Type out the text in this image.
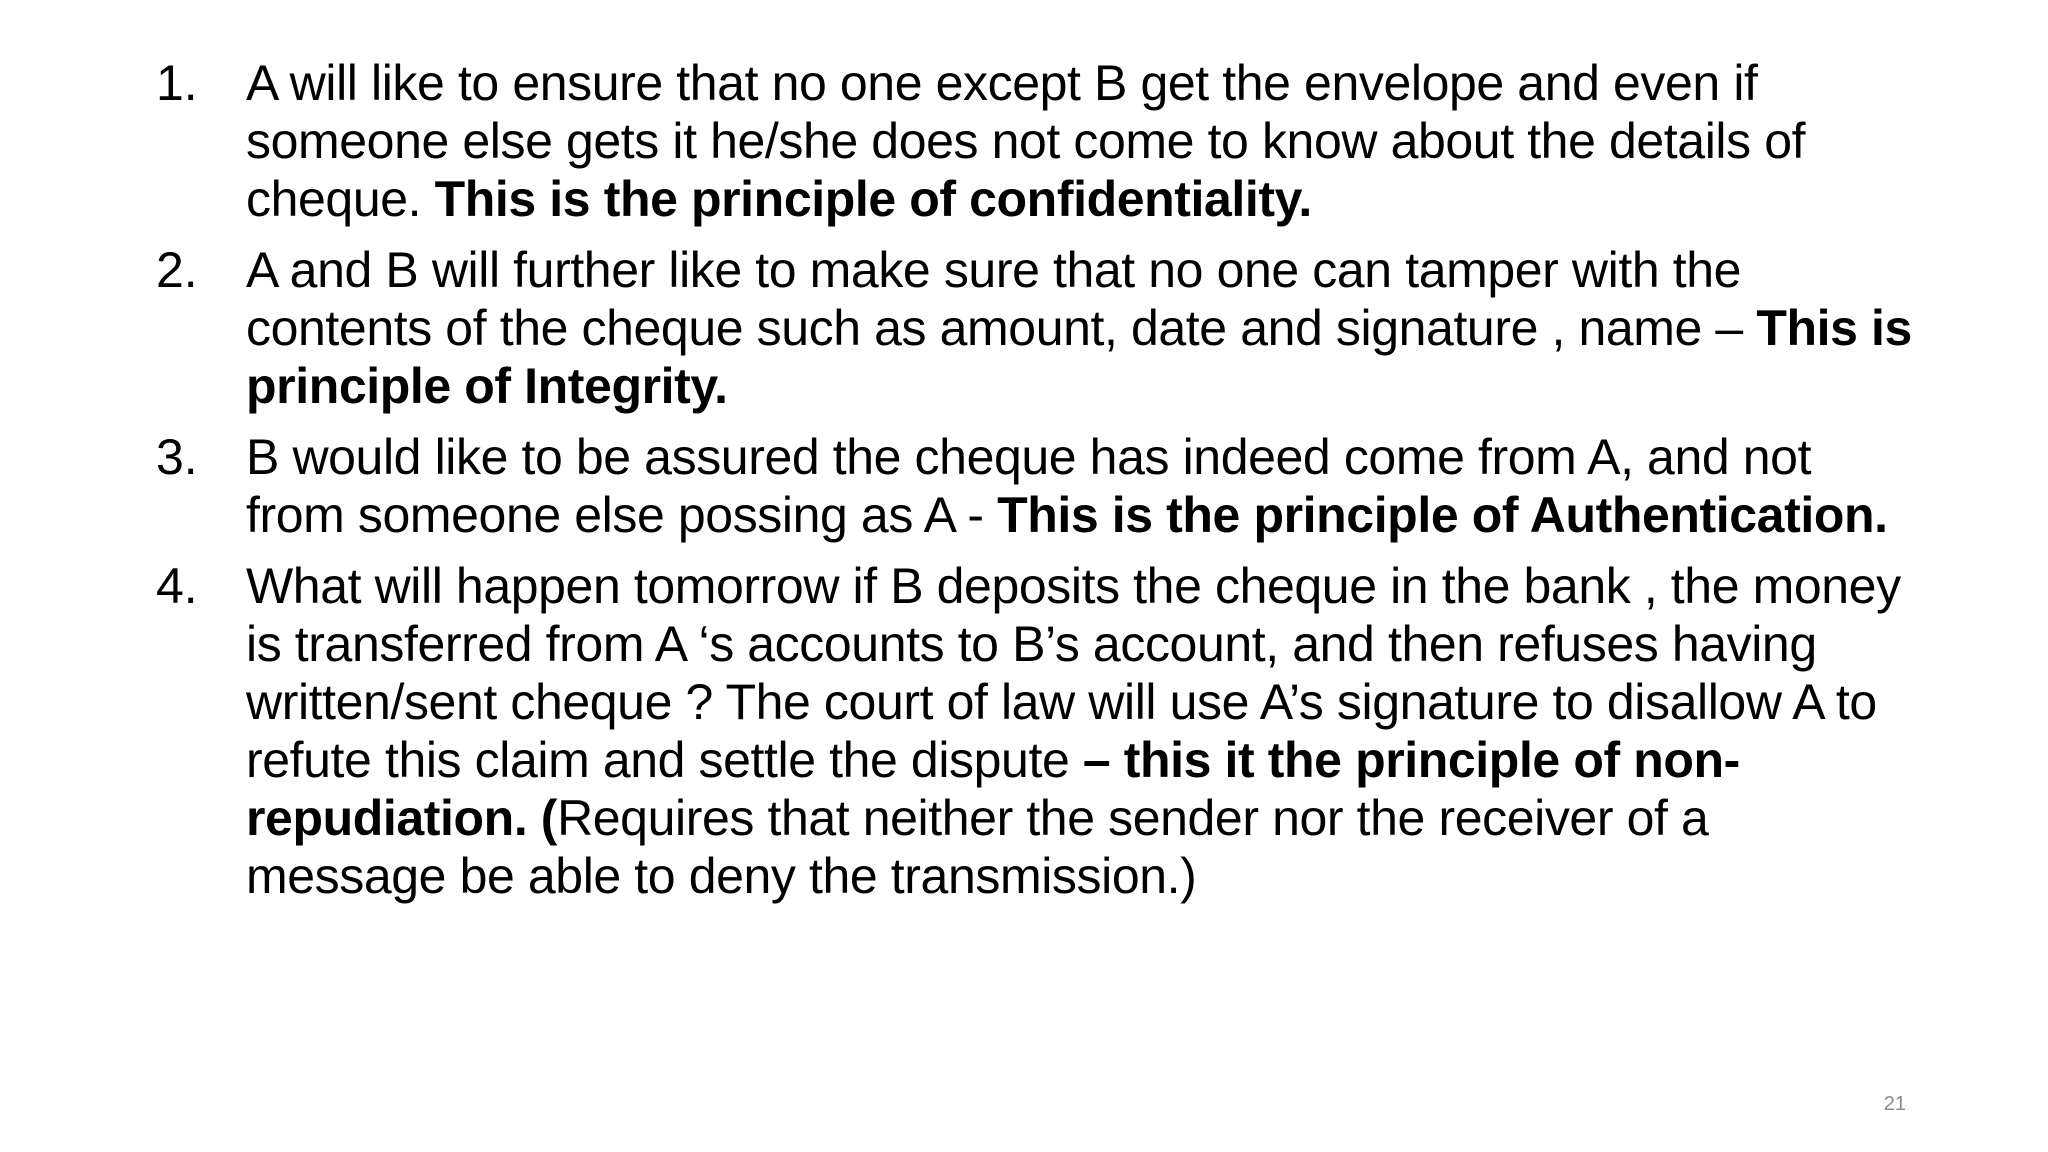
1. A will like to ensure that no one except B get the envelope and even if someone else gets it he/she does not come to know about the details of cheque. This is the principle of confidentiality.
2. A and B will further like to make sure that no one can tamper with the contents of the cheque such as amount, date and signature , name – This is principle of Integrity.
3. B would like to be assured the cheque has indeed come from A, and not from someone else possing as A - This is the principle of Authentication.
4. What will happen tomorrow if B deposits the cheque in the bank , the money is transferred from A ‘s accounts to B’s account, and then refuses having written/sent cheque ? The court of law will use A’s signature to disallow A to refute this claim and settle the dispute – this it the principle of non-repudiation. (Requires that neither the sender nor the receiver of a message be able to deny the transmission.)
21
